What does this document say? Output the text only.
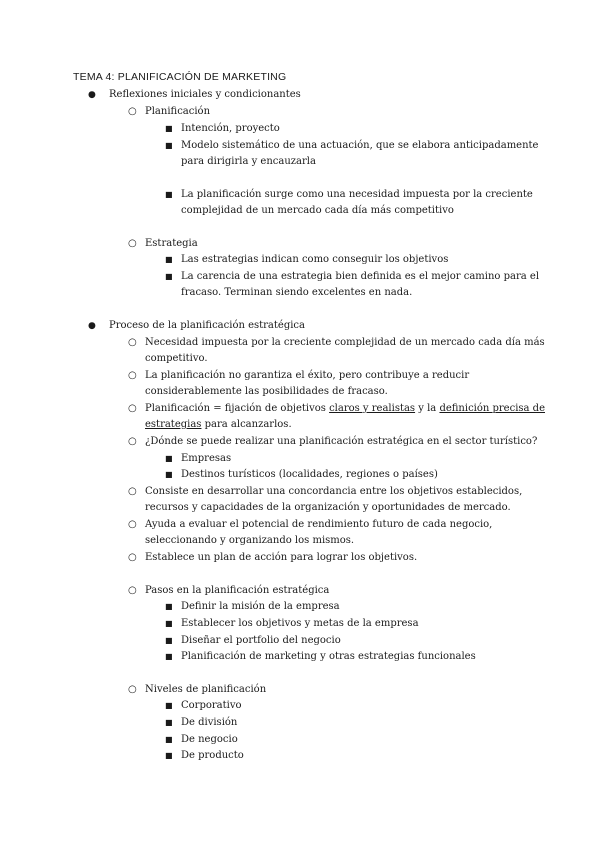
TEMA 4: PLANIFICACIÓN DE MARKETING
● Reflexiones iniciales y condicionantes
○ Planificación
■ Intención, proyecto
■ Modelo sistemático de una actuación, que se elabora anticipadamente
para dirigirla y encauzarla
■ La planificación surge como una necesidad impuesta por la creciente
complejidad de un mercado cada día más competitivo
○ Estrategia
■ Las estrategias indican como conseguir los objetivos
■ La carencia de una estrategia bien definida es el mejor camino para el
fracaso. Terminan siendo excelentes en nada.
● Proceso de la planificación estratégica
○ Necesidad impuesta por la creciente complejidad de un mercado cada día más
competitivo.
○ La planificación no garantiza el éxito, pero contribuye a reducir
considerablemente las posibilidades de fracaso.
○ Planificación = fijación de objetivos claros y realistas y la definición precisa de
estrategias para alcanzarlos.
○ ¿Dónde se puede realizar una planificación estratégica en el sector turístico?
■ Empresas
■ Destinos turísticos (localidades, regiones o países)
○ Consiste en desarrollar una concordancia entre los objetivos establecidos,
recursos y capacidades de la organización y oportunidades de mercado.
○ Ayuda a evaluar el potencial de rendimiento futuro de cada negocio,
seleccionando y organizando los mismos.
○ Establece un plan de acción para lograr los objetivos.
○ Pasos en la planificación estratégica
■ Definir la misión de la empresa
■ Establecer los objetivos y metas de la empresa
■ Diseñar el portfolio del negocio
■ Planificación de marketing y otras estrategias funcionales
○ Niveles de planificación
■ Corporativo
■ De división
■ De negocio
■ De producto
